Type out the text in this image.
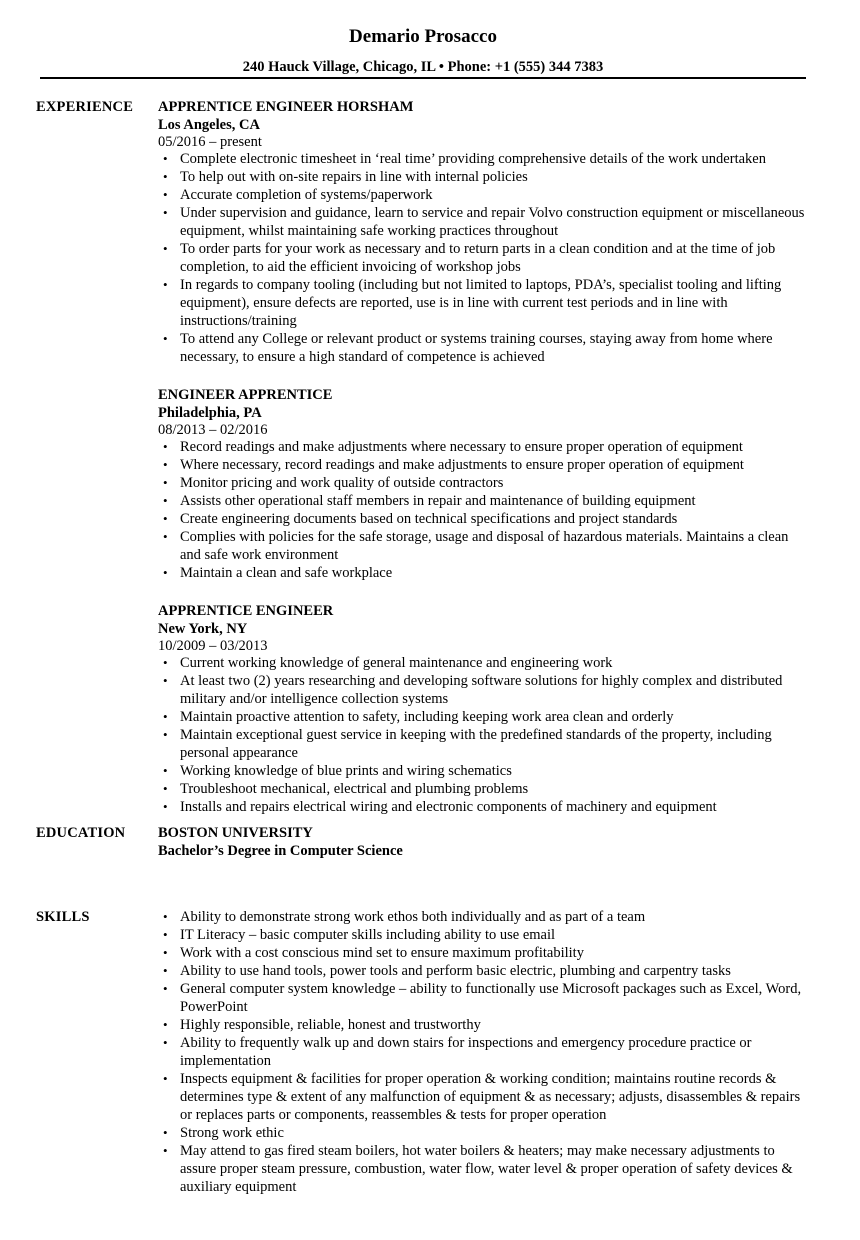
Demario Prosacco
240 Hauck Village, Chicago, IL • Phone: +1 (555) 344 7383
EXPERIENCE APPRENTICE ENGINEER HORSHAM
Los Angeles, CA
05/2016 – present
• Complete electronic timesheet in ‘real time’ providing comprehensive details of the work undertaken
• To help out with on-site repairs in line with internal policies
• Accurate completion of systems/paperwork
• Under supervision and guidance, learn to service and repair Volvo construction equipment or miscellaneous equipment, whilst maintaining safe working practices throughout
• To order parts for your work as necessary and to return parts in a clean condition and at the time of job completion, to aid the efficient invoicing of workshop jobs
• In regards to company tooling (including but not limited to laptops, PDA’s, specialist tooling and lifting equipment), ensure defects are reported, use is in line with current test periods and in line with instructions/training
• To attend any College or relevant product or systems training courses, staying away from home where necessary, to ensure a high standard of competence is achieved
ENGINEER APPRENTICE
Philadelphia, PA
08/2013 – 02/2016
• Record readings and make adjustments where necessary to ensure proper operation of equipment
• Where necessary, record readings and make adjustments to ensure proper operation of equipment
• Monitor pricing and work quality of outside contractors
• Assists other operational staff members in repair and maintenance of building equipment
• Create engineering documents based on technical specifications and project standards
• Complies with policies for the safe storage, usage and disposal of hazardous materials. Maintains a clean and safe work environment
• Maintain a clean and safe workplace
APPRENTICE ENGINEER
New York, NY
10/2009 – 03/2013
• Current working knowledge of general maintenance and engineering work
• At least two (2) years researching and developing software solutions for highly complex and distributed military and/or intelligence collection systems
• Maintain proactive attention to safety, including keeping work area clean and orderly
• Maintain exceptional guest service in keeping with the predefined standards of the property, including personal appearance
• Working knowledge of blue prints and wiring schematics
• Troubleshoot mechanical, electrical and plumbing problems
• Installs and repairs electrical wiring and electronic components of machinery and equipment
EDUCATION BOSTON UNIVERSITY
Bachelor’s Degree in Computer Science
SKILLS
•	Ability to demonstrate strong work ethos both individually and as part of a team
• IT Literacy – basic computer skills including ability to use email
• Work with a cost conscious mind set to ensure maximum profitability
• Ability to use hand tools, power tools and perform basic electric, plumbing and carpentry tasks
• General computer system knowledge – ability to functionally use Microsoft packages such as Excel, Word, PowerPoint
• Highly responsible, reliable, honest and trustworthy
• Ability to frequently walk up and down stairs for inspections and emergency procedure practice or implementation
• Inspects equipment & facilities for proper operation & working condition; maintains routine records & determines type & extent of any malfunction of equipment & as necessary; adjusts, disassembles & repairs or replaces parts or components, reassembles & tests for proper operation
• Strong work ethic
• May attend to gas fired steam boilers, hot water boilers & heaters; may make necessary adjustments to assure proper steam pressure, combustion, water flow, water level & proper operation of safety devices & auxiliary equipment
